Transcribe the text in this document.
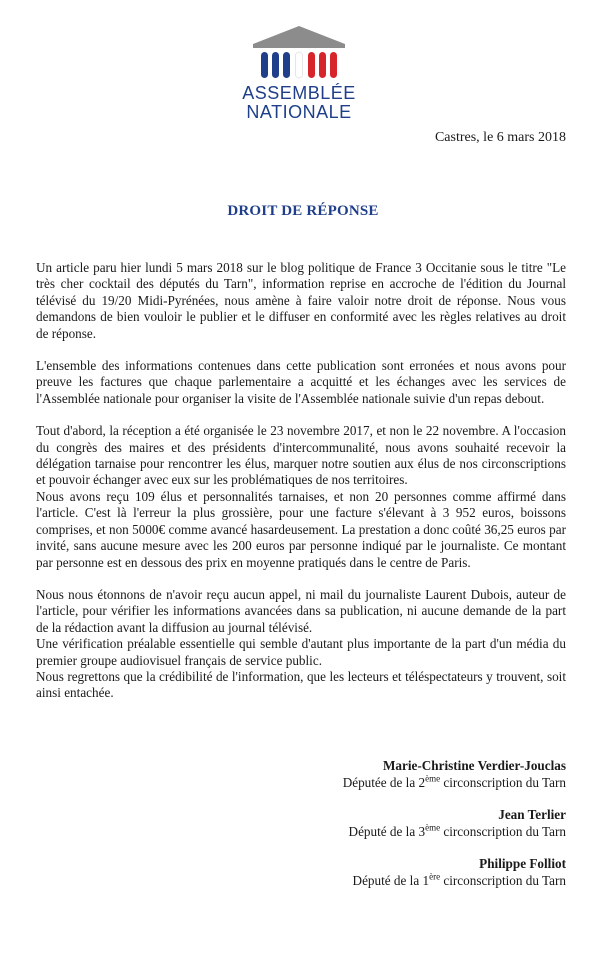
ASSEMBLÉE
NATIONALE
Castres, le 6 mars 2018
DROIT DE RÉPONSE

Un article paru hier lundi 5 mars 2018 sur le blog politique de France 3 Occitanie sous le titre "Le très cher cocktail des députés du Tarn", information reprise en accroche de l'édition du Journal télévisé du 19/20 Midi-Pyrénées, nous amène à faire valoir notre droit de réponse. Nous vous demandons de bien vouloir le publier et le diffuser en conformité avec les règles relatives au droit de réponse.

L'ensemble des informations contenues dans cette publication sont erronées et nous avons pour preuve les factures que chaque parlementaire a acquitté et les échanges avec les services de l'Assemblée nationale pour organiser la visite de l'Assemblée nationale suivie d'un repas debout.

Tout d'abord, la réception a été organisée le 23 novembre 2017, et non le 22 novembre. A l'occasion du congrès des maires et des présidents d'intercommunalité, nous avons souhaité recevoir la délégation tarnaise pour rencontrer les élus, marquer notre soutien aux élus de nos circonscriptions et pouvoir échanger avec eux sur les problématiques de nos territoires.

Nous avons reçu 109 élus et personnalités tarnaises, et non 20 personnes comme affirmé dans l'article. C'est là l'erreur la plus grossière, pour une facture s'élevant à 3 952 euros, boissons comprises, et non 5000€ comme avancé hasardeusement. La prestation a donc coûté 36,25 euros par invité, sans aucune mesure avec les 200 euros par personne indiqué par le journaliste. Ce montant par personne est en dessous des prix en moyenne pratiqués dans le centre de Paris.

Nous nous étonnons de n'avoir reçu aucun appel, ni mail du journaliste Laurent Dubois, auteur de l'article, pour vérifier les informations avancées dans sa publication, ni aucune demande de la part de la rédaction avant la diffusion au journal télévisé.

Une vérification préalable essentielle qui semble d'autant plus importante de la part d'un média du premier groupe audiovisuel français de service public.

Nous regrettons que la crédibilité de l'information, que les lecteurs et téléspectateurs y trouvent, soit ainsi entachée.

Marie-Christine Verdier-Jouclas
Députée de la 2ème circonscription du Tarn
Jean Terlier
Député de la 3ème circonscription du Tarn
Philippe Folliot
Député de la 1ère circonscription du Tarn
